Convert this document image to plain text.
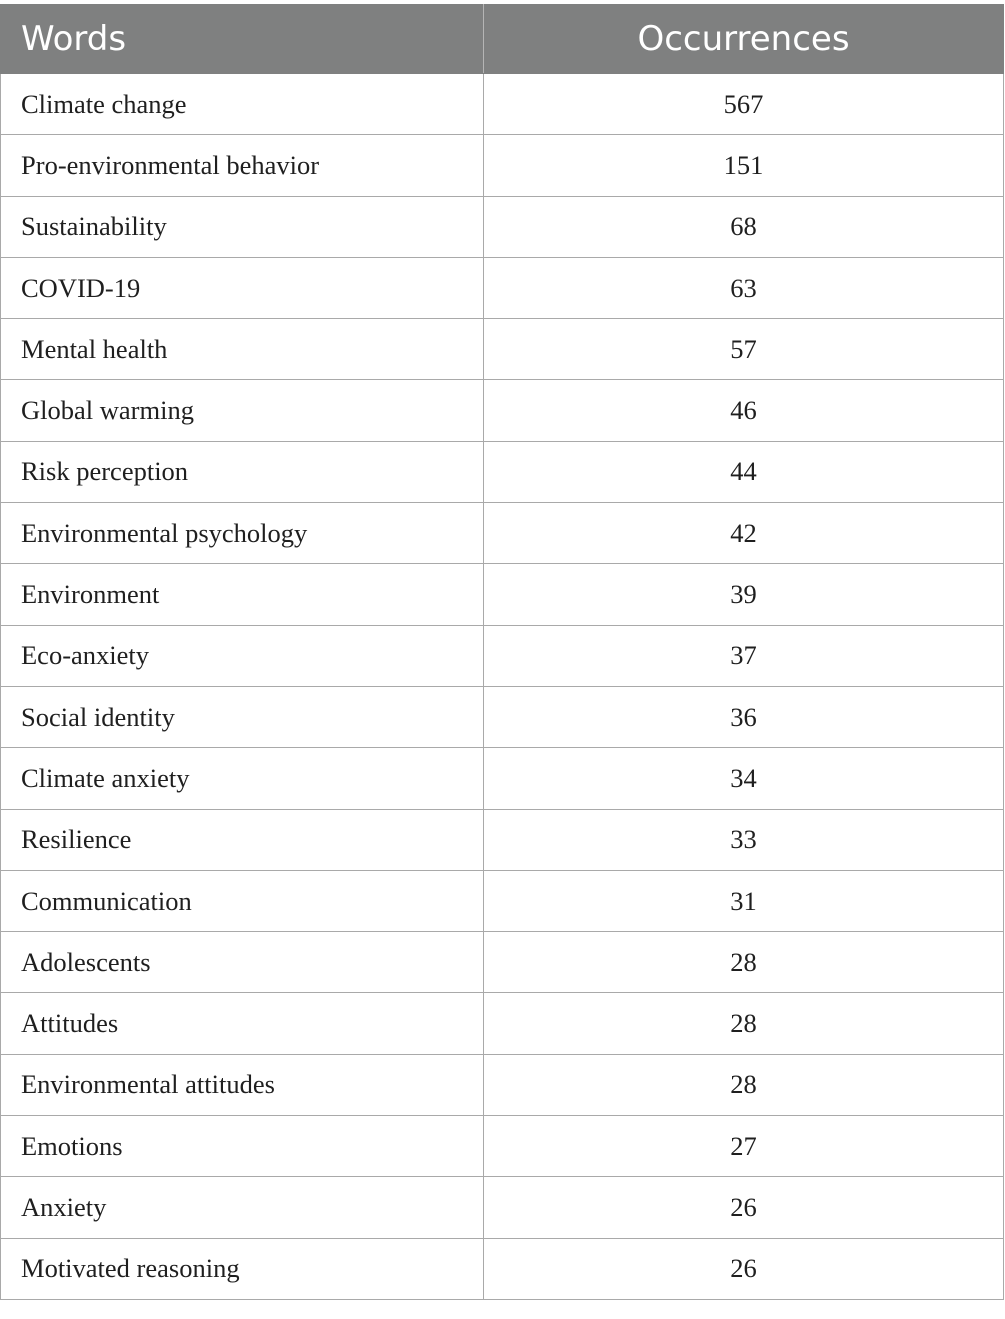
Words	Occurrences
Climate change	567
Pro-environmental behavior	151
Sustainability	68
COVID-19	63
Mental health	57
Global warming	46
Risk perception	44
Environmental psychology	42
Environment	39
Eco-anxiety	37
Social identity	36
Climate anxiety	34
Resilience	33
Communication	31
Adolescents	28
Attitudes	28
Environmental attitudes	28
Emotions	27
Anxiety	26
Motivated reasoning	26
